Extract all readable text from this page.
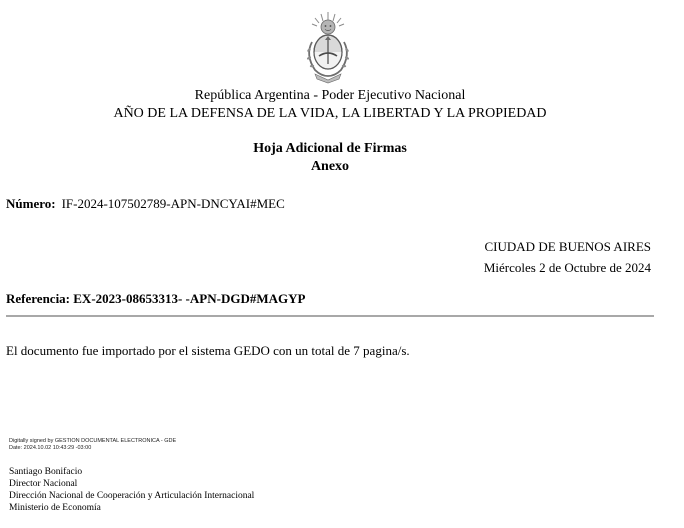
República Argentina - Poder Ejecutivo Nacional
AÑO DE LA DEFENSA DE LA VIDA, LA LIBERTAD Y LA PROPIEDAD
Hoja Adicional de Firmas
Anexo
Número: IF-2024-107502789-APN-DNCYAI#MEC
CIUDAD DE BUENOS AIRES
Miércoles 2 de Octubre de 2024
Referencia: EX-2023-08653313- -APN-DGD#MAGYP
El documento fue importado por el sistema GEDO con un total de 7 pagina/s.
Digitally signed by GESTION DOCUMENTAL ELECTRONICA - GDE
Date: 2024.10.02 10:43:29 -03:00
Santiago Bonifacio
Director Nacional
Dirección Nacional de Cooperación y Articulación Internacional
Ministerio de Economía
